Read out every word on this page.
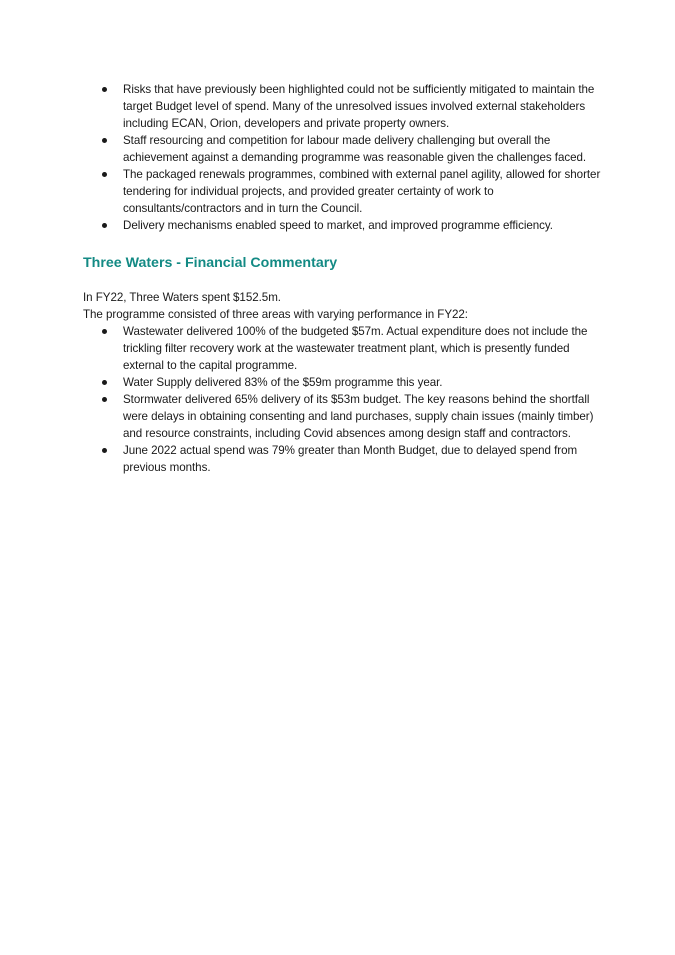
Risks that have previously been highlighted could not be sufficiently mitigated to maintain the target Budget level of spend. Many of the unresolved issues involved external stakeholders including ECAN, Orion, developers and private property owners.
Staff resourcing and competition for labour made delivery challenging but overall the achievement against a demanding programme was reasonable given the challenges faced.
The packaged renewals programmes, combined with external panel agility, allowed for shorter tendering for individual projects, and provided greater certainty of work to consultants/contractors and in turn the Council.
Delivery mechanisms enabled speed to market, and improved programme efficiency.
Three Waters - Financial Commentary

In FY22, Three Waters spent $152.5m.

The programme consisted of three areas with varying performance in FY22:

Wastewater delivered 100% of the budgeted $57m. Actual expenditure does not include the trickling filter recovery work at the wastewater treatment plant, which is presently funded external to the capital programme.
Water Supply delivered 83% of the $59m programme this year.
Stormwater delivered 65% delivery of its $53m budget. The key reasons behind the shortfall were delays in obtaining consenting and land purchases, supply chain issues (mainly timber) and resource constraints, including Covid absences among design staff and contractors.
June 2022 actual spend was 79% greater than Month Budget, due to delayed spend from previous months.
